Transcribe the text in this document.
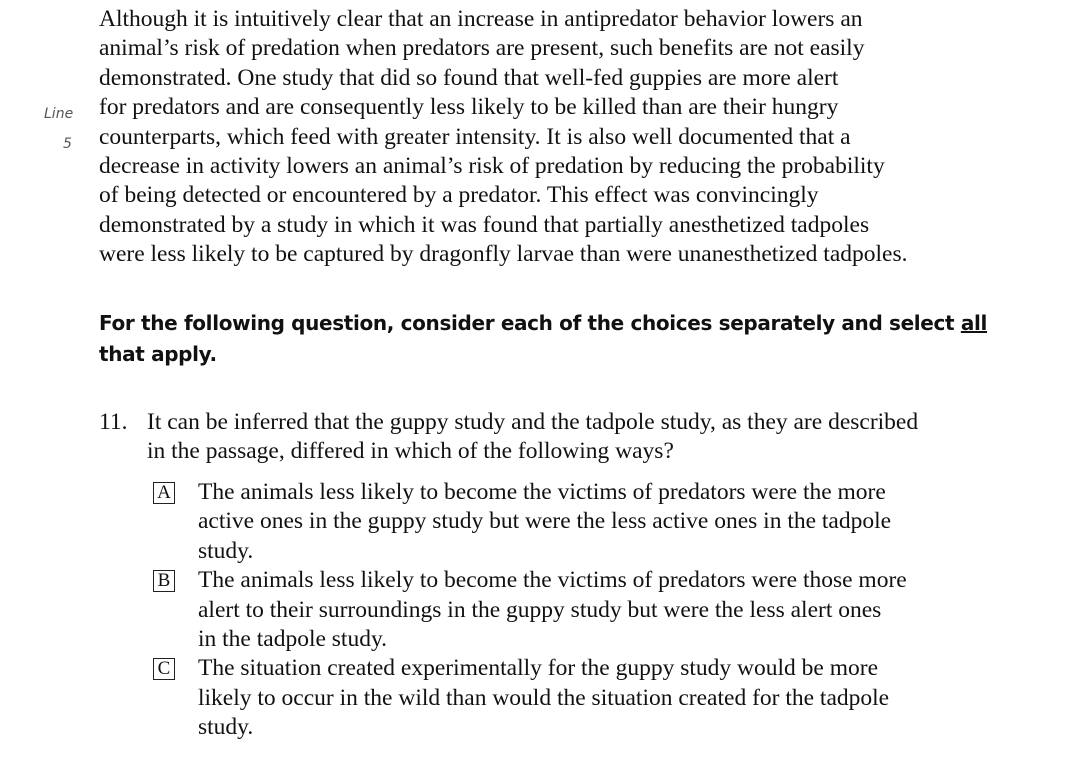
Line
5
Although it is intuitively clear that an increase in antipredator behavior lowers an
animal’s risk of predation when predators are present, such benefits are not easily
demonstrated. One study that did so found that well-fed guppies are more alert
for predators and are consequently less likely to be killed than are their hungry
counterparts, which feed with greater intensity. It is also well documented that a
decrease in activity lowers an animal’s risk of predation by reducing the probability
of being detected or encountered by a predator. This effect was convincingly
demonstrated by a study in which it was found that partially anesthetized tadpoles
were less likely to be captured by dragonfly larvae than were unanesthetized tadpoles.
For the following question, consider each of the choices separately and select all
that apply.
11. It can be inferred that the guppy study and the tadpole study, as they are described
in the passage, differed in which of the following ways?
A The animals less likely to become the victims of predators were the more
active ones in the guppy study but were the less active ones in the tadpole
study.
B The animals less likely to become the victims of predators were those more
alert to their surroundings in the guppy study but were the less alert ones
in the tadpole study.
C The situation created experimentally for the guppy study would be more
likely to occur in the wild than would the situation created for the tadpole
study.
